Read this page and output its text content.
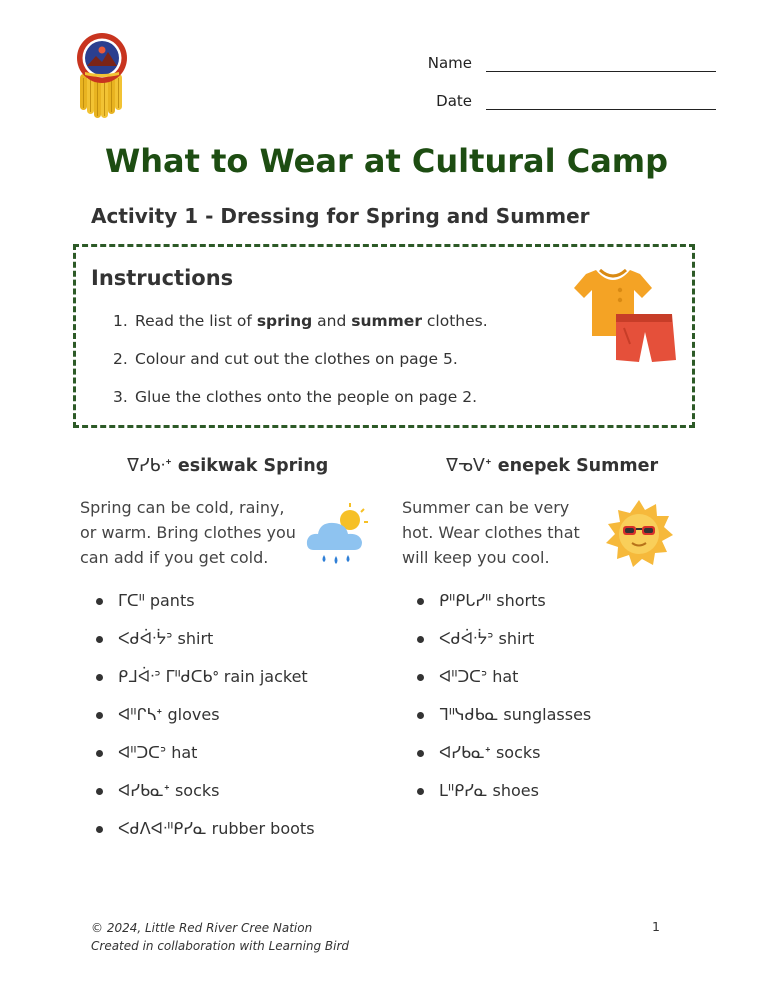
Name
Date
What to Wear at Cultural Camp
Activity 1 - Dressing for Spring and Summer
Instructions
1. Read the list of spring and summer clothes.
2. Colour and cut out the clothes on page 5.
3. Glue the clothes onto the people on page 2.
ᐁᓯᑲᐧᕀ esikwak Spring
Spring can be cold, rainy,
or warm. Bring clothes you
can add if you get cold.
ᒥᑕᐦ pants
ᐸᑯᐋᐧᔮᐣ shirt
ᑭᒧᐋᐧᐣ ᒥᐦᑯᑕᑲᐤ rain jacket
ᐊᐦᒋᓴᕀ gloves
ᐊᐦᑐᑕᐣ hat
ᐊᓯᑲᓇᕀ socks
ᐸᑯᐱᐊᐧᐦᑭᓯᓇ rubber boots
ᐁᓀᐯᕀ enepek Summer
Summer can be very
hot. Wear clothes that
will keep you cool.
ᑭᐦᑭᒐᓯᐦ shorts
ᐸᑯᐋᐧᔮᐣ shirt
ᐊᐦᑐᑕᐣ hat
ᒣᐦᓭᑯᑲᓇ sunglasses
ᐊᓯᑲᓇᕀ socks
ᒪᐦᑭᓯᓇ shoes
© 2024, Little Red River Cree Nation
Created in collaboration with Learning Bird
1
